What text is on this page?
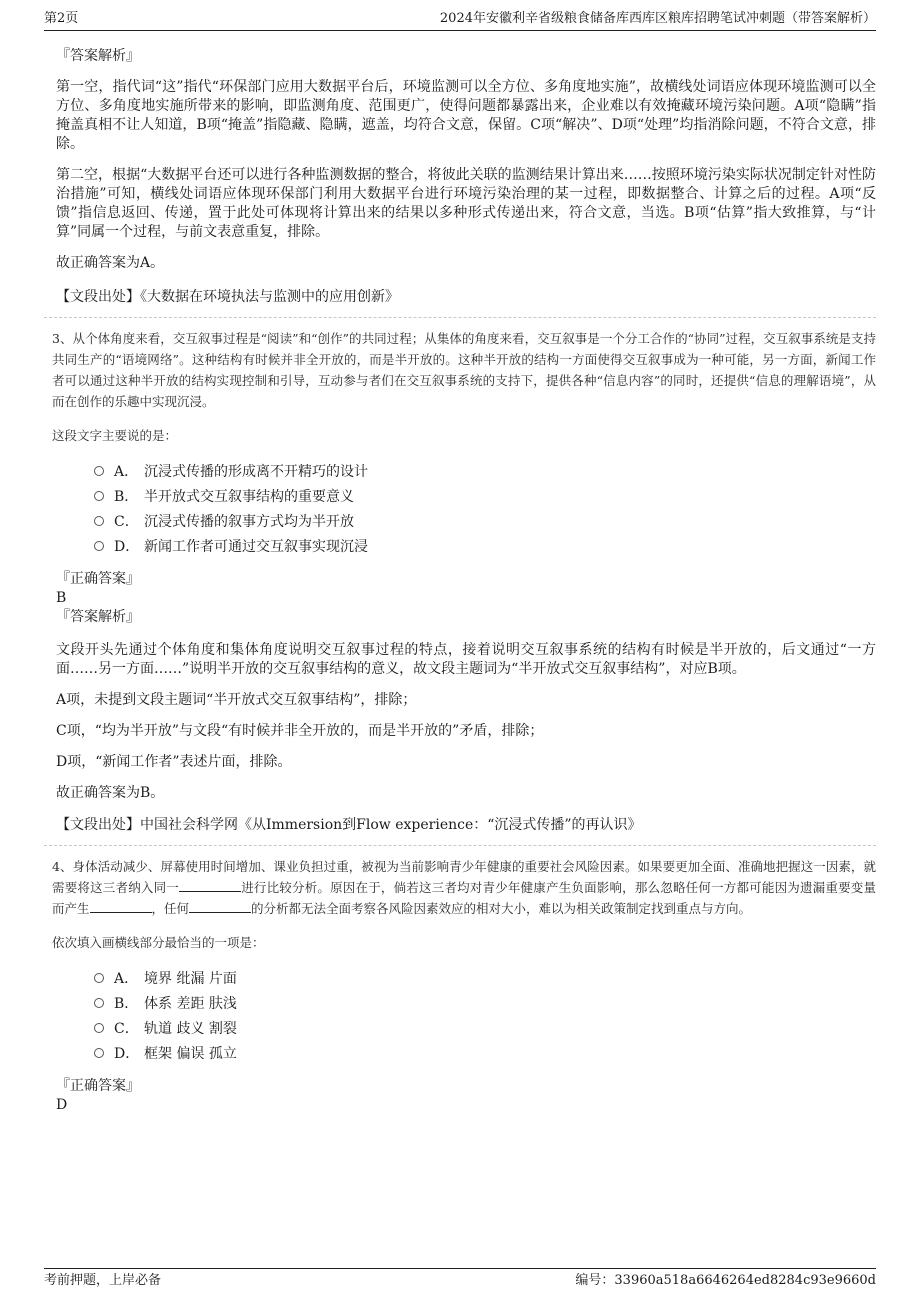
第2页	2024年安徽利辛省级粮食储备库西库区粮库招聘笔试冲刺题（带答案解析）
『答案解析』

第一空，指代词“这”指代“环保部门应用大数据平台后，环境监测可以全方位、多角度地实施”，故横线处词语应体现环境监测可以全方位、多角度地实施所带来的影响，即监测角度、范围更广，使得问题都暴露出来，企业难以有效掩藏环境污染问题。A项“隐瞒”指掩盖真相不让人知道，B项“掩盖”指隐藏、隐瞒，遮盖，均符合文意，保留。C项“解决”、D项“处理”均指消除问题，不符合文意，排除。

第二空，根据“大数据平台还可以进行各种监测数据的整合，将彼此关联的监测结果计算出来……按照环境污染实际状况制定针对性防治措施”可知，横线处词语应体现环保部门利用大数据平台进行环境污染治理的某一过程，即数据整合、计算之后的过程。A项“反馈”指信息返回、传递，置于此处可体现将计算出来的结果以多种形式传递出来，符合文意，当选。B项“估算”指大致推算，与“计算”同属一个过程，与前文表意重复，排除。

故正确答案为A。

【文段出处】《大数据在环境执法与监测中的应用创新》

3、从个体角度来看，交互叙事过程是“阅读”和“创作”的共同过程；从集体的角度来看，交互叙事是一个分工合作的“协同”过程，交互叙事系统是支持共同生产的“语境网络”。这种结构有时候并非全开放的，而是半开放的。这种半开放的结构一方面使得交互叙事成为一种可能，另一方面，新闻工作者可以通过这种半开放的结构实现控制和引导，互动参与者们在交互叙事系统的支持下，提供各种“信息内容”的同时，还提供“信息的理解语境”，从而在创作的乐趣中实现沉浸。

这段文字主要说的是：
A． 沉浸式传播的形成离不开精巧的设计
B． 半开放式交互叙事结构的重要意义
C． 沉浸式传播的叙事方式均为半开放
D． 新闻工作者可通过交互叙事实现沉浸
『正确答案』
B
『答案解析』

文段开头先通过个体角度和集体角度说明交互叙事过程的特点，接着说明交互叙事系统的结构有时候是半开放的，后文通过“一方面……另一方面……”说明半开放的交互叙事结构的意义，故文段主题词为“半开放式交互叙事结构”，对应B项。

A项，未提到文段主题词“半开放式交互叙事结构”，排除；

C项，“均为半开放”与文段“有时候并非全开放的，而是半开放的”矛盾，排除；

D项，“新闻工作者”表述片面，排除。

故正确答案为B。

【文段出处】中国社会科学网《从Immersion到Flow experience：“沉浸式传播”的再认识》

4、身体活动减少、屏幕使用时间增加、课业负担过重，被视为当前影响青少年健康的重要社会风险因素。如果要更加全面、准确地把握这一因素，就需要将这三者纳入同一	进行比较分析。原因在于，倘若这三者均对青少年健康产生负面影响，那么忽略任何一方都可能因为遗漏重要变量而产生	，任何	的分析都无法全面考察各风险因素效应的相对大小，难以为相关政策制定找到重点与方向。

依次填入画横线部分最恰当的一项是：
A． 境界 纰漏 片面
B． 体系 差距 肤浅
C． 轨道 歧义 割裂
D． 框架 偏误 孤立
『正确答案』
D
考前押题，上岸必备	编号：33960a518a6646264ed8284c93e9660d
